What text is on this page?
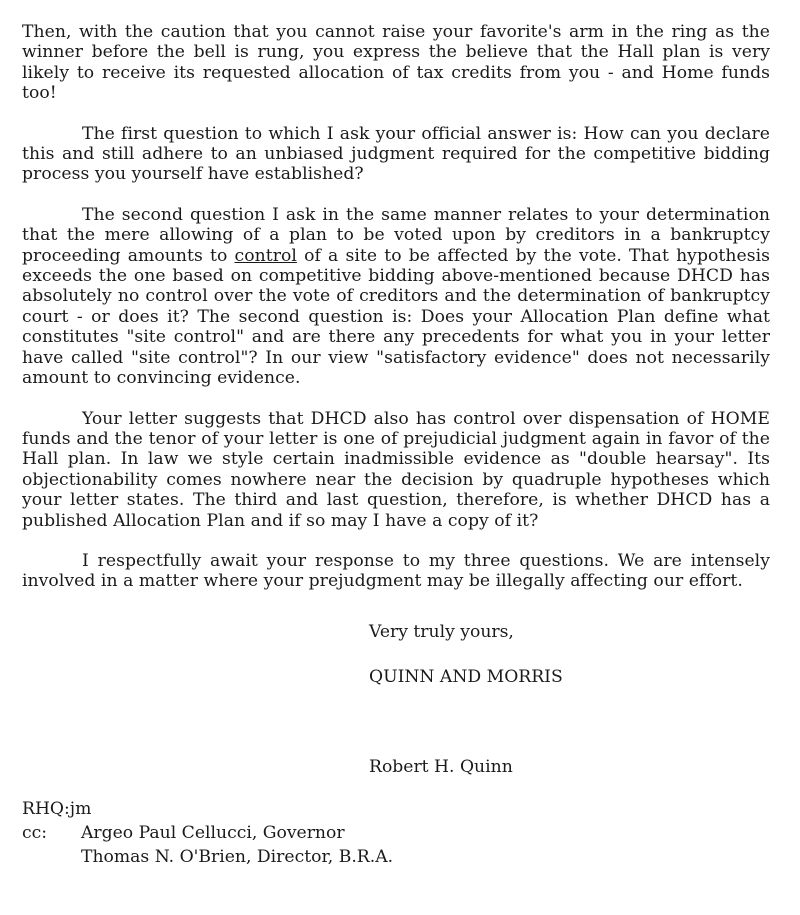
Then, with the caution that you cannot raise your favorite's arm in the ring as the winner before the bell is rung, you express the believe that the Hall plan is very likely to receive its requested allocation of tax credits from you - and Home funds too!

The first question to which I ask your official answer is: How can you declare this and still adhere to an unbiased judgment required for the competitive bidding process you yourself have established?

The second question I ask in the same manner relates to your determination that the mere allowing of a plan to be voted upon by creditors in a bankruptcy proceeding amounts to control of a site to be affected by the vote. That hypothesis exceeds the one based on competitive bidding above-mentioned because DHCD has absolutely no control over the vote of creditors and the determination of bankruptcy court - or does it? The second question is: Does your Allocation Plan define what constitutes "site control" and are there any precedents for what you in your letter have called "site control"? In our view "satisfactory evidence" does not necessarily amount to convincing evidence.

Your letter suggests that DHCD also has control over dispensation of HOME funds and the tenor of your letter is one of prejudicial judgment again in favor of the Hall plan. In law we style certain inadmissible evidence as "double hearsay". Its objectionability comes nowhere near the decision by quadruple hypotheses which your letter states. The third and last question, therefore, is whether DHCD has a published Allocation Plan and if so may I have a copy of it?

I respectfully await your response to my three questions. We are intensely involved in a matter where your prejudgment may be illegally affecting our effort.

Very truly yours,

QUINN AND MORRIS

Robert H. Quinn

RHQ:jm

cc: Argeo Paul Cellucci, Governor

Thomas N. O'Brien, Director, B.R.A.
